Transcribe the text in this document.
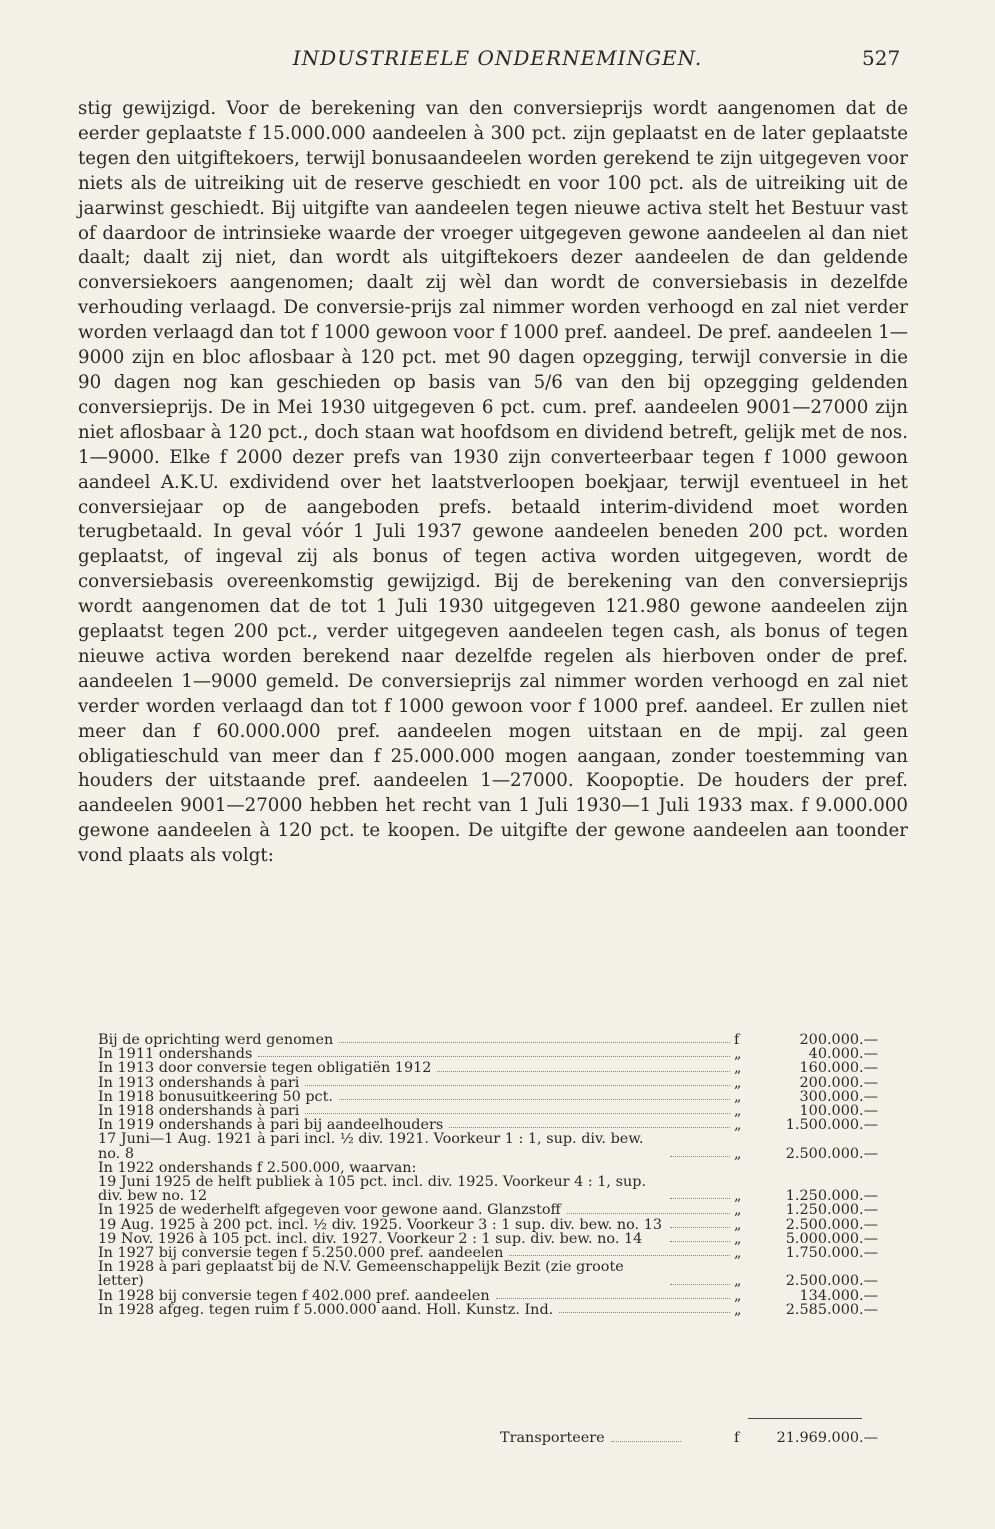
INDUSTRIEELE ONDERNEMINGEN.	527

stig gewijzigd. Voor de berekening van den conversieprijs wordt aangenomen dat de eerder geplaatste f 15.000.000 aandeelen à 300 pct. zijn geplaatst en de later geplaatste tegen den uitgiftekoers, terwijl bonusaandeelen worden gerekend te zijn uitgegeven voor niets als de uitreiking uit de reserve geschiedt en voor 100 pct. als de uitreiking uit de jaarwinst geschiedt. Bij uitgifte van aandeelen tegen nieuwe activa stelt het Bestuur vast of daardoor de intrinsieke waarde der vroeger uitgegeven gewone aandeelen al dan niet daalt; daalt zij niet, dan wordt als uitgiftekoers dezer aandeelen de dan geldende conversiekoers aangenomen; daalt zij wèl dan wordt de conversiebasis in dezelfde verhouding verlaagd. De conversie-prijs zal nimmer worden verhoogd en zal niet verder worden verlaagd dan tot f 1000 gewoon voor f 1000 pref. aandeel. De pref. aandeelen 1—9000 zijn en bloc aflosbaar à 120 pct. met 90 dagen opzegging, terwijl conversie in die 90 dagen nog kan geschieden op basis van 5/6 van den bij opzegging geldenden conversieprijs. De in Mei 1930 uitgegeven 6 pct. cum. pref. aandeelen 9001—27000 zijn niet aflosbaar à 120 pct., doch staan wat hoofdsom en dividend betreft, gelijk met de nos. 1—9000. Elke f 2000 dezer prefs van 1930 zijn converteerbaar tegen f 1000 gewoon aandeel A.K.U. exdividend over het laatstverloopen boekjaar, terwijl eventueel in het conversiejaar op de aangeboden prefs. betaald interim-dividend moet worden terugbetaald. In geval vóór 1 Juli 1937 gewone aandeelen beneden 200 pct. worden geplaatst, of ingeval zij als bonus of tegen activa worden uitgegeven, wordt de conversiebasis overeenkomstig gewijzigd. Bij de berekening van den conversieprijs wordt aangenomen dat de tot 1 Juli 1930 uitgegeven 121.980 gewone aandeelen zijn geplaatst tegen 200 pct., verder uitgegeven aandeelen tegen cash, als bonus of tegen nieuwe activa worden berekend naar dezelfde regelen als hierboven onder de pref. aandeelen 1—9000 gemeld. De conversieprijs zal nimmer worden verhoogd en zal niet verder worden verlaagd dan tot f 1000 gewoon voor f 1000 pref. aandeel. Er zullen niet meer dan f 60.000.000 pref. aandeelen mogen uitstaan en de mpij. zal geen obligatieschuld van meer dan f 25.000.000 mogen aangaan, zonder toestemming van houders der uitstaande pref. aandeelen 1—27000. Koopoptie. De houders der pref. aandeelen 9001—27000 hebben het recht van 1 Juli 1930—1 Juli 1933 max. f 9.000.000 gewone aandeelen à 120 pct. te koopen. De uitgifte der gewone aandeelen aan toonder vond plaats als volgt:

Bij de oprichting werd genomen	f	200.000.—
In 1911 ondershands	„	40.000.—
In 1913 door conversie tegen obligatiën 1912	„	160.000.—
In 1913 ondershands à pari	„	200.000.—
In 1918 bonusuitkeering 50 pct.	„	300.000.—
In 1918 ondershands à pari	„	100.000.—
In 1919 ondershands à pari bij aandeelhouders	„	1.500.000.—
17 Juni—1 Aug. 1921 à pari incl. ½ div. 1921. Voorkeur 1 : 1, sup. div. bew. no. 8	„	2.500.000.—
In 1922 ondershands f 2.500.000, waarvan:
19 Juni 1925 de helft publiek à 105 pct. incl. div. 1925. Voorkeur 4 : 1, sup. div. bew no. 12	„	1.250.000.—
In 1925 de wederhelft afgegeven voor gewone aand. Glanzstoff	„	1.250.000.—
19 Aug. 1925 à 200 pct. incl. ½ div. 1925. Voorkeur 3 : 1 sup. div. bew. no. 13	„	2.500.000.—
19 Nov. 1926 à 105 pct. incl. div. 1927. Voorkeur 2 : 1 sup. div. bew. no. 14	„	5.000.000.—
In 1927 bij conversie tegen f 5.250.000 pref. aandeelen	„	1.750.000.—
In 1928 à pari geplaatst bij de N.V. Gemeenschappelijk Bezit (zie groote letter)	„	2.500.000.—
In 1928 bij conversie tegen f 402.000 pref. aandeelen	„	134.000.—
In 1928 afgeg. tegen ruim f 5.000.000 aand. Holl. Kunstz. Ind.	„	2.585.000.—
Transporteere	f	21.969.000.—
